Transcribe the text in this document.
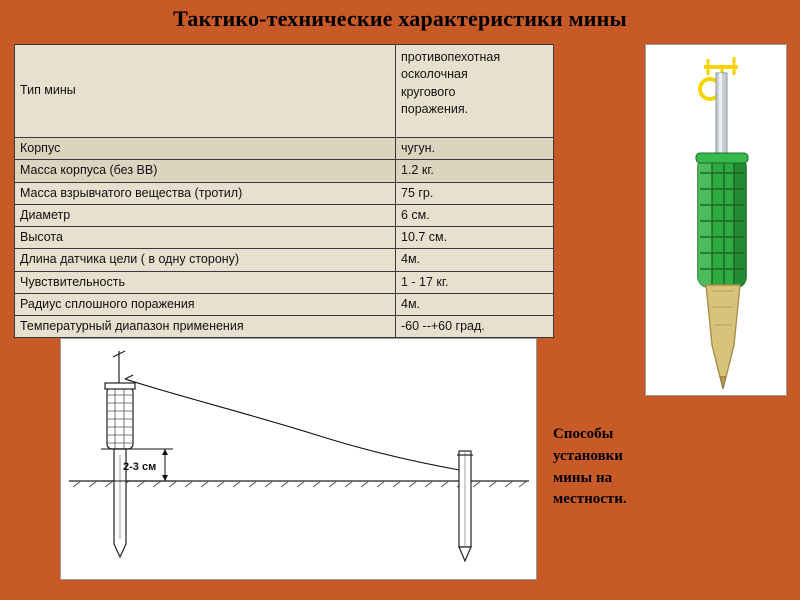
Тактико-технические характеристики мины
Тип мины	противопехотная
осколочная
кругового
поражения.

Корпус	чугун.
Масса корпуса (без ВВ)	1.2 кг.
Масса взрывчатого вещества (тротил)	75 гр.
Диаметр	6 см.
Высота	10.7 см.
Длина датчика цели ( в одну сторону)	4м.
Чувствительность	1 - 17 кг.
Радиус сплошного поражения	4м.
Температурный диапазон применения	-60 --+60 град.
2-3 см
Способы
установки
мины на
местности.
